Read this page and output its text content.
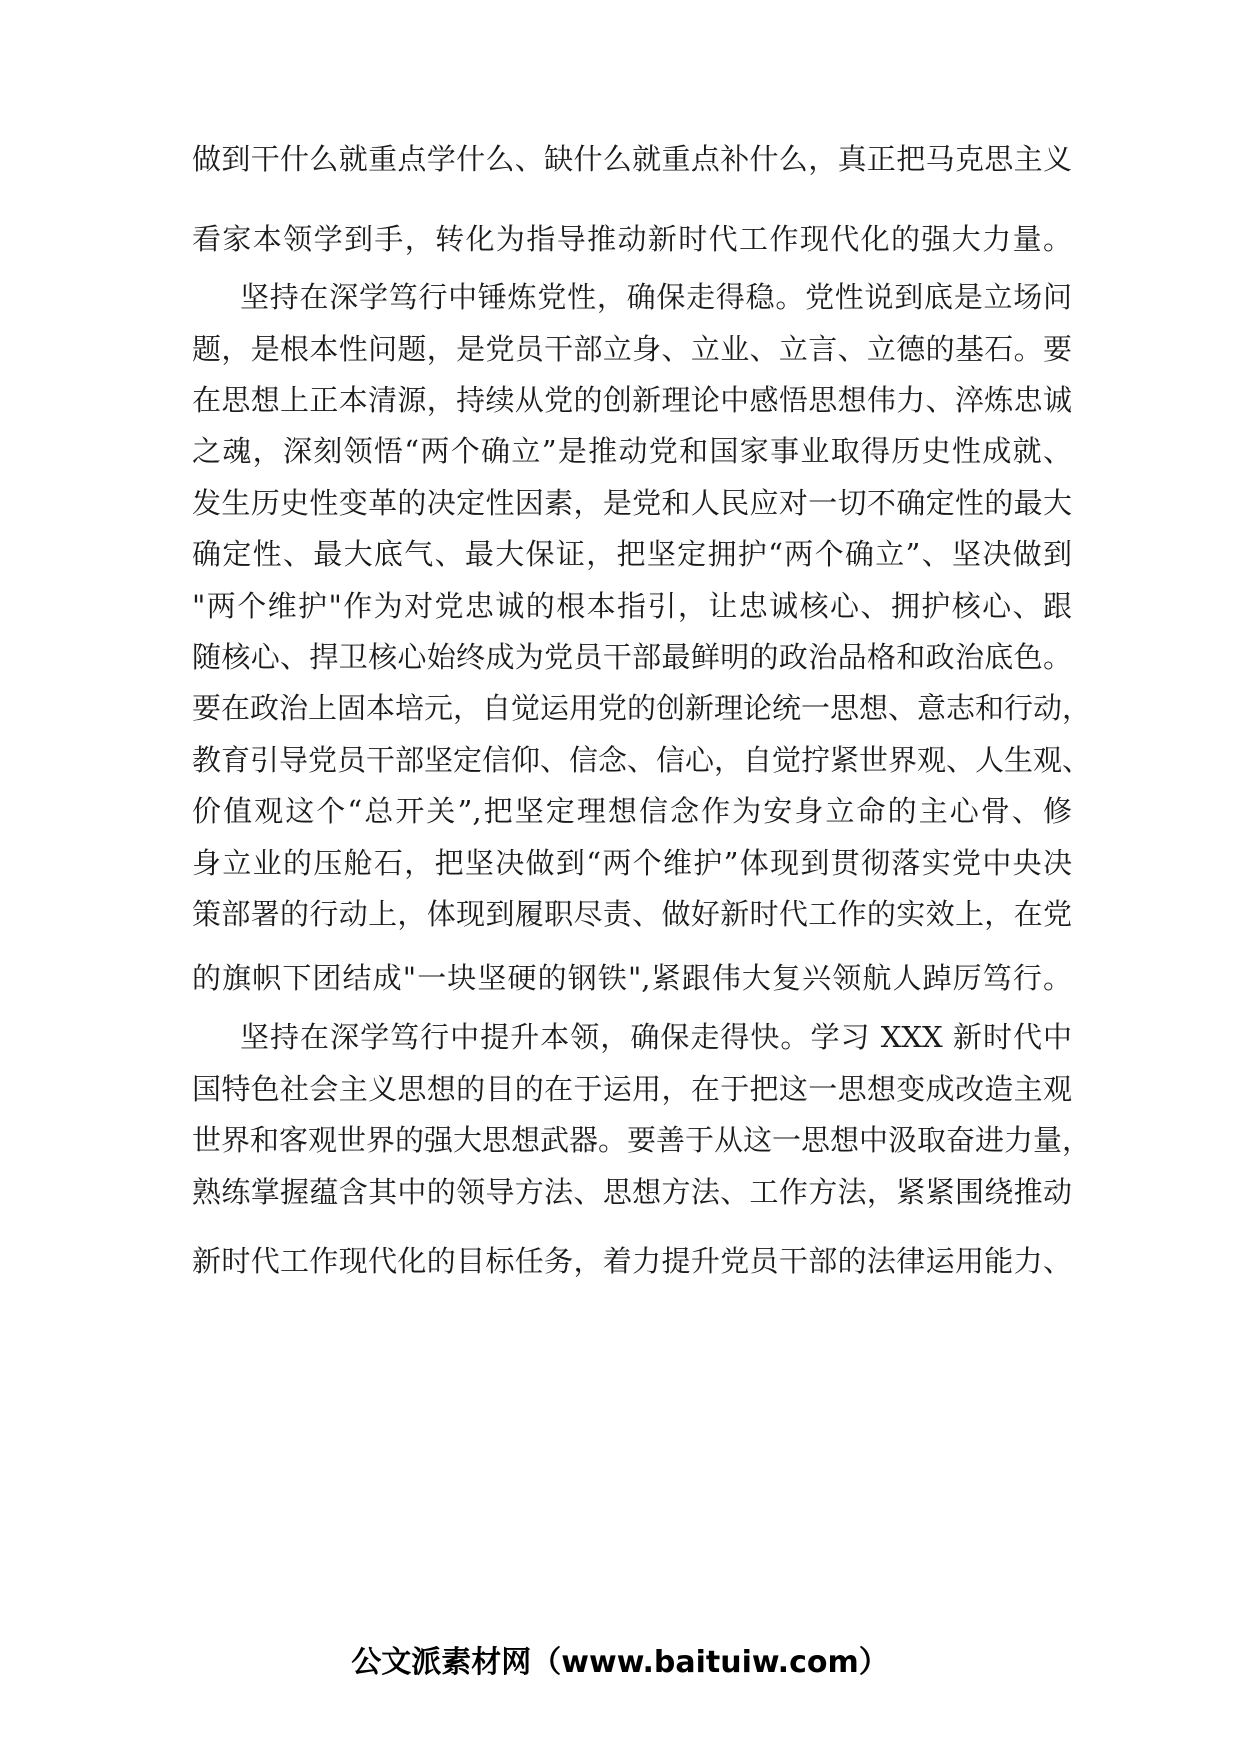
做到干什么就重点学什么、缺什么就重点补什么，真正把马克思主义
看家本领学到手，转化为指导推动新时代工作现代化的强大力量。
坚持在深学笃行中锤炼党性，确保走得稳。党性说到底是立场问
题，是根本性问题，是党员干部立身、立业、立言、立德的基石。要
在思想上正本清源，持续从党的创新理论中感悟思想伟力、淬炼忠诚
之魂，深刻领悟“两个确立”是推动党和国家事业取得历史性成就、
发生历史性变革的决定性因素，是党和人民应对一切不确定性的最大
确定性、最大底气、最大保证，把坚定拥护“两个确立”、坚决做到
"两个维护"作为对党忠诚的根本指引，让忠诚核心、拥护核心、跟
随核心、捍卫核心始终成为党员干部最鲜明的政治品格和政治底色。
要在政治上固本培元，自觉运用党的创新理论统一思想、意志和行动，
教育引导党员干部坚定信仰、信念、信心，自觉拧紧世界观、人生观、
价值观这个“总开关”,把坚定理想信念作为安身立命的主心骨、修
身立业的压舱石，把坚决做到“两个维护”体现到贯彻落实党中央决
策部署的行动上，体现到履职尽责、做好新时代工作的实效上，在党
的旗帜下团结成"一块坚硬的钢铁",紧跟伟大复兴领航人踔厉笃行。
坚持在深学笃行中提升本领，确保走得快。学习 XXX 新时代中
国特色社会主义思想的目的在于运用，在于把这一思想变成改造主观
世界和客观世界的强大思想武器。要善于从这一思想中汲取奋进力量，
熟练掌握蕴含其中的领导方法、思想方法、工作方法，紧紧围绕推动
新时代工作现代化的目标任务，着力提升党员干部的法律运用能力、
公文派素材网（www.baituiw.com）
